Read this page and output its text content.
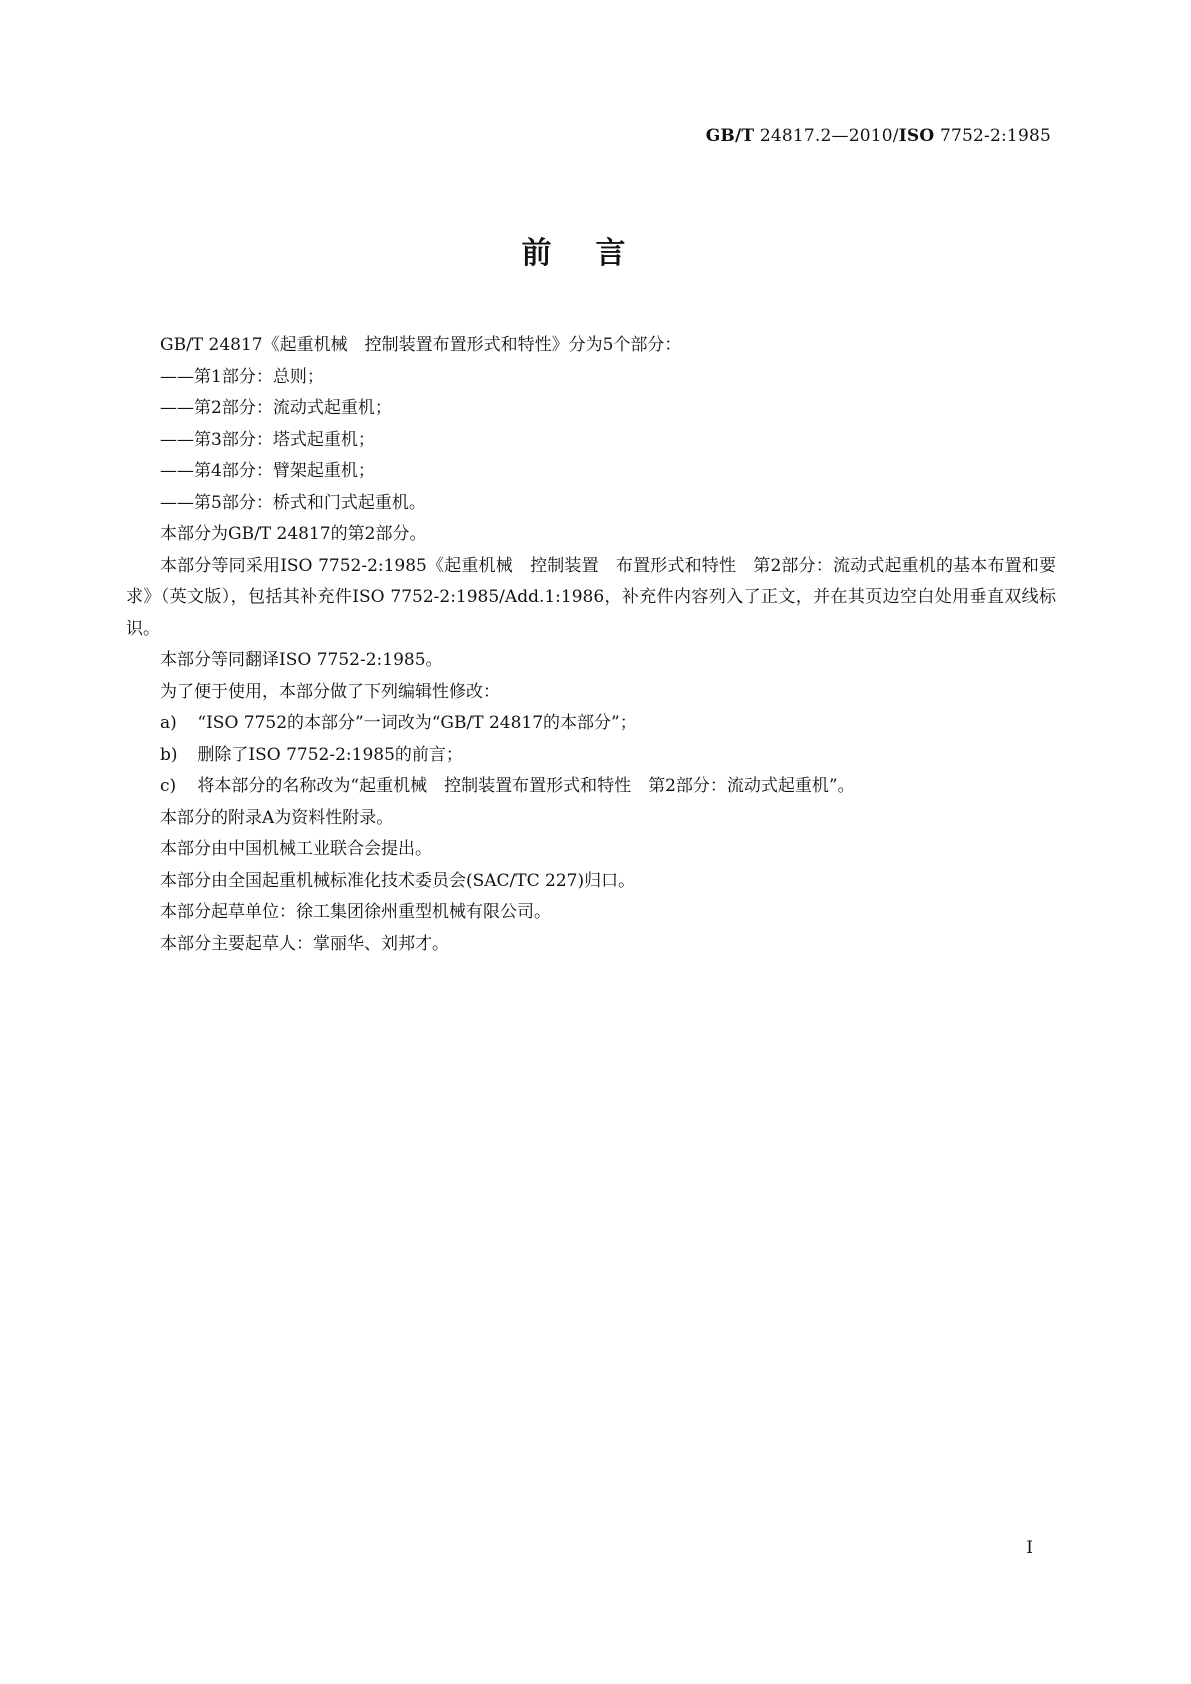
GB/T 24817.2—2010/ISO 7752-2:1985
前言

GB/T 24817《起重机械　控制装置布置形式和特性》分为5个部分：

——第1部分：总则；

——第2部分：流动式起重机；

——第3部分：塔式起重机；

——第4部分：臂架起重机；

——第5部分：桥式和门式起重机。

本部分为GB/T 24817的第2部分。

本部分等同采用ISO 7752-2:1985《起重机械　控制装置　布置形式和特性　第2部分：流动式起重机的基本布置和要求》（英文版），包括其补充件ISO 7752-2:1985/Add.1:1986，补充件内容列入了正文，并在其页边空白处用垂直双线标识。

本部分等同翻译ISO 7752-2:1985。

为了便于使用，本部分做了下列编辑性修改：

a) “ISO 7752的本部分”一词改为“GB/T 24817的本部分”；

b) 删除了ISO 7752-2:1985的前言；

c) 将本部分的名称改为“起重机械　控制装置布置形式和特性　第2部分：流动式起重机”。

本部分的附录A为资料性附录。

本部分由中国机械工业联合会提出。

本部分由全国起重机械标准化技术委员会(SAC/TC 227)归口。

本部分起草单位：徐工集团徐州重型机械有限公司。

本部分主要起草人：掌丽华、刘邦才。

I
